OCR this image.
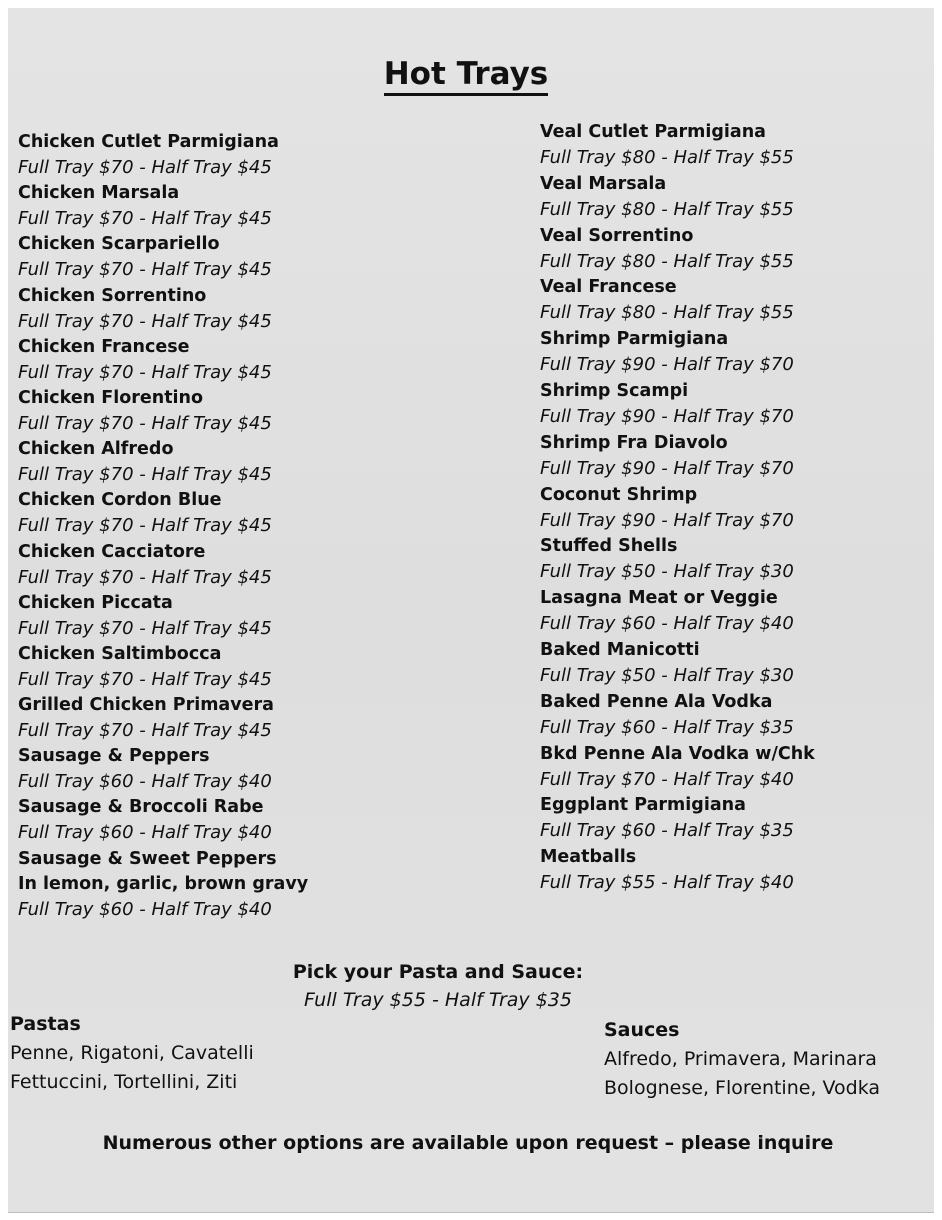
Hot Trays
Chicken Cutlet Parmigiana
Full Tray $70 - Half Tray $45
Chicken Marsala
Full Tray $70 - Half Tray $45
Chicken Scarpariello
Full Tray $70 - Half Tray $45
Chicken Sorrentino
Full Tray $70 - Half Tray $45
Chicken Francese
Full Tray $70 - Half Tray $45
Chicken Florentino
Full Tray $70 - Half Tray $45
Chicken Alfredo
Full Tray $70 - Half Tray $45
Chicken Cordon Blue
Full Tray $70 - Half Tray $45
Chicken Cacciatore
Full Tray $70 - Half Tray $45
Chicken Piccata
Full Tray $70 - Half Tray $45
Chicken Saltimbocca
Full Tray $70 - Half Tray $45
Grilled Chicken Primavera
Full Tray $70 - Half Tray $45
Sausage & Peppers
Full Tray $60 - Half Tray $40
Sausage & Broccoli Rabe
Full Tray $60 - Half Tray $40
Sausage & Sweet Peppers
In lemon, garlic, brown gravy
Full Tray $60 - Half Tray $40
Veal Cutlet Parmigiana
Full Tray $80 - Half Tray $55
Veal Marsala
Full Tray $80 - Half Tray $55
Veal Sorrentino
Full Tray $80 - Half Tray $55
Veal Francese
Full Tray $80 - Half Tray $55
Shrimp Parmigiana
Full Tray $90 - Half Tray $70
Shrimp Scampi
Full Tray $90 - Half Tray $70
Shrimp Fra Diavolo
Full Tray $90 - Half Tray $70
Coconut Shrimp
Full Tray $90 - Half Tray $70
Stuffed Shells
Full Tray $50 - Half Tray $30
Lasagna Meat or Veggie
Full Tray $60 - Half Tray $40
Baked Manicotti
Full Tray $50 - Half Tray $30
Baked Penne Ala Vodka
Full Tray $60 - Half Tray $35
Bkd Penne Ala Vodka w/Chk
Full Tray $70 - Half Tray $40
Eggplant Parmigiana
Full Tray $60 - Half Tray $35
Meatballs
Full Tray $55 - Half Tray $40
Pick your Pasta and Sauce:
Full Tray $55 - Half Tray $35
Pastas
Penne, Rigatoni, Cavatelli
Fettuccini, Tortellini, Ziti
Sauces
Alfredo, Primavera, Marinara
Bolognese, Florentine, Vodka
Numerous other options are available upon request – please inquire
